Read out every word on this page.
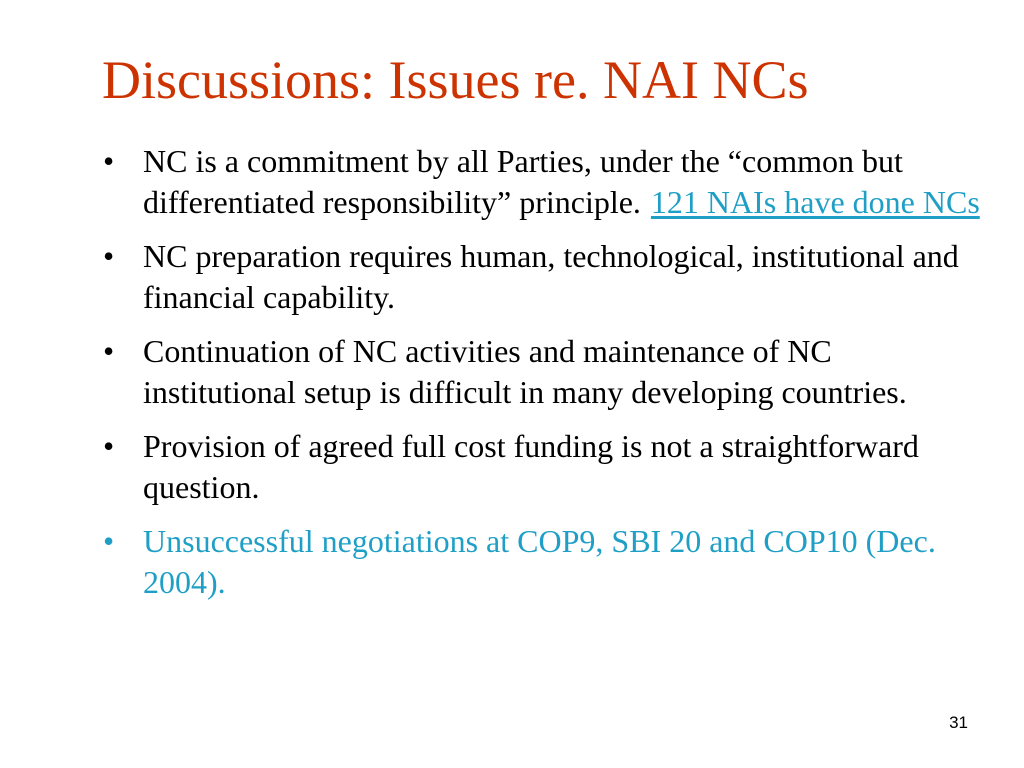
Discussions: Issues re. NAI NCs
• NC is a commitment by all Parties, under the “common but differentiated responsibility” principle. 121 NAIs have done NCs
• NC preparation requires human, technological, institutional and financial capability.
• Continuation of NC activities and maintenance of NC institutional setup is difficult in many developing countries.
• Provision of agreed full cost funding is not a straightforward question.
• Unsuccessful negotiations at COP9, SBI 20 and COP10 (Dec. 2004).
31
